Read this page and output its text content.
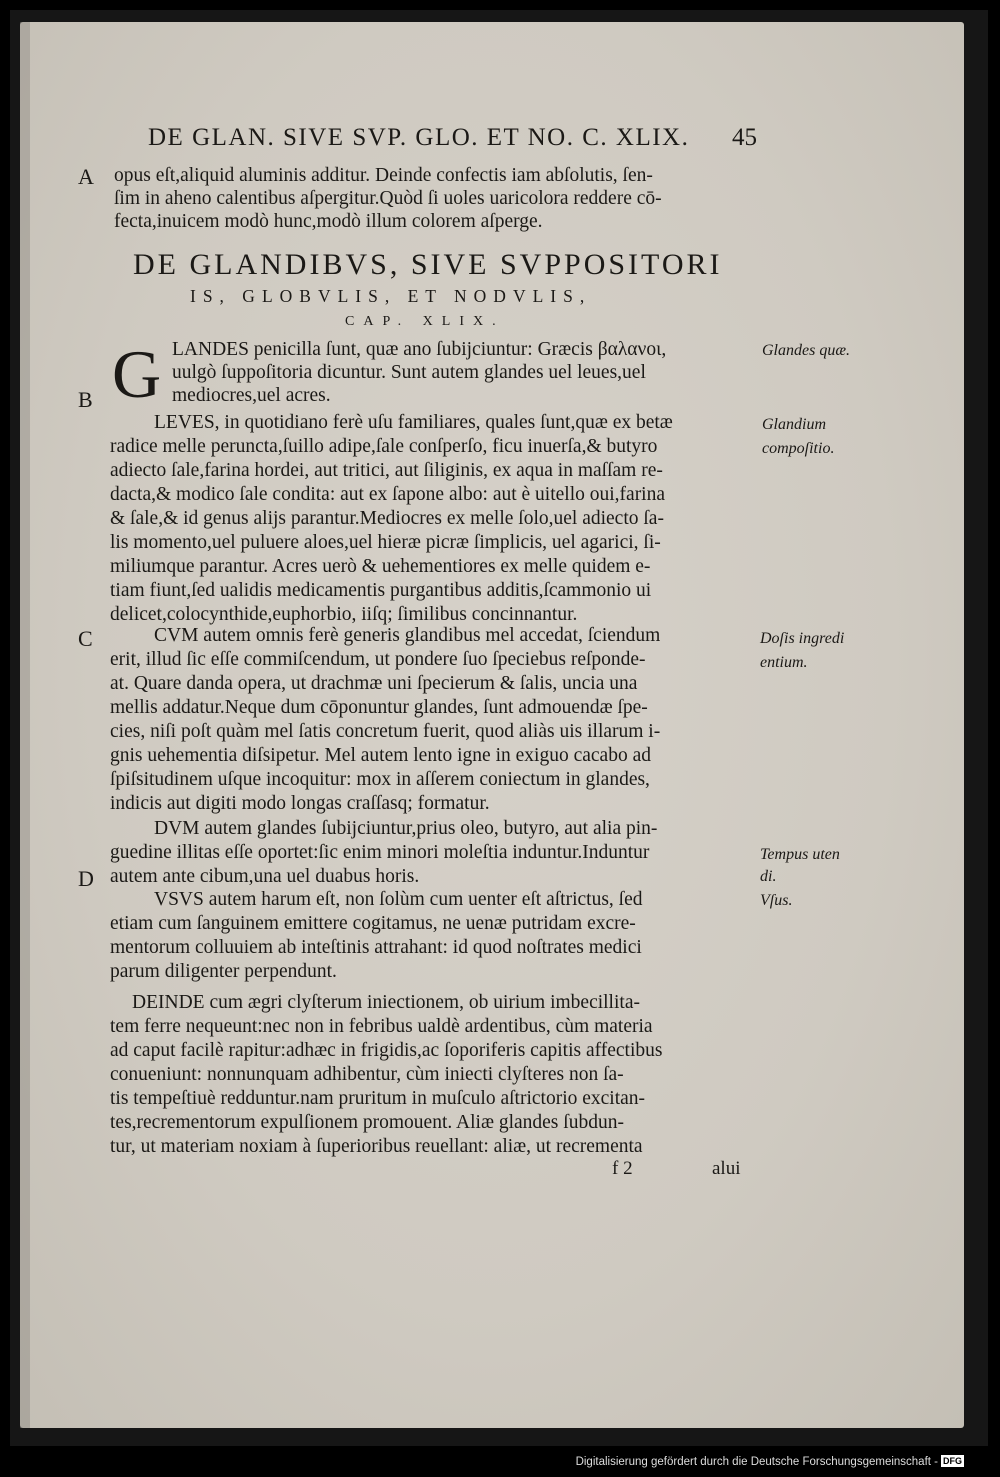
DE GLAN. SIVE SVP. GLO. ET NO. C. XLIX.	45
A
B
C
D
opus eſt,aliquid aluminis additur. Deinde confectis iam abſolutis, ſen-
ſim in aheno calentibus aſpergitur.Quòd ſi uoles uaricolora reddere cō-
fecta,inuicem modò hunc,modò illum colorem aſperge.
DE GLANDIBVS, SIVE SVPPOSITORI
IS, GLOBVLIS, ET NODVLIS,
CAP. XLIX.
G LANDES penicilla ſunt, quæ ano ſubijciuntur: Græcis βαλανοι,
uulgò ſuppoſitoria dicuntur. Sunt autem glandes uel leues,uel
mediocres,uel acres.
LEVES, in quotidiano ferè uſu familiares, quales ſunt,quæ ex betæ
radice melle perunctа,ſuillo adipe,ſale conſperſo, ficu inuerſa,& butyro
adiecto ſale,farina hordei, aut tritici, aut ſiliginis, ex aqua in maſſam re-
dacta,& modico ſale condita: aut ex ſapone albo: aut è uitello oui,farina
& ſale,& id genus alijs parantur.Mediocres ex melle ſolo,uel adiecto ſa-
lis momento,uel puluere aloes,uel hieræ picræ ſimplicis, uel agarici, ſi-
miliumque parantur. Acres uerò & uehementiores ex melle quidem e-
tiam fiunt,ſed ualidis medicamentis purgantibus additis,ſcammonio ui
delicet,colocynthide,euphorbio, iiſq; ſimilibus concinnantur.
CVM autem omnis ferè generis glandibus mel accedat, ſciendum
erit, illud ſic eſſe commiſcendum, ut pondere ſuo ſpeciebus reſponde-
at. Quare danda opera, ut drachmæ uni ſpecierum & ſalis, uncia una
mellis addatur.Neque dum cōponuntur glandes, ſunt admouendæ ſpe-
cies, niſi poſt quàm mel ſatis concretum fuerit, quod aliàs uis illarum i-
gnis uehementia diſsipetur. Mel autem lento igne in exiguo cacabo ad
ſpiſsitudinem uſque incoquitur: mox in aſſerem coniectum in glandes,
indicis aut digiti modo longas craſſasq; formatur.
DVM autem glandes ſubijciuntur,prius oleo, butyro, aut alia pin-
guedine illitas eſſe oportet:ſic enim minori moleſtia induntur.Induntur
autem ante cibum,una uel duabus horis.
VSVS autem harum eſt, non ſolùm cum uenter eſt aſtrictus, ſed
etiam cum ſanguinem emittere cogitamus, ne uenæ putridam excre-
mentorum colluuiem ab inteſtinis attrahant: id quod noſtrates medici
parum diligenter perpendunt.
DEINDE cum ægri clyſterum iniectionem, ob uirium imbecillita-
tem ferre nequeunt:nec non in febribus ualdè ardentibus, cùm materia
ad caput facilè rapitur:adhæc in frigidis,ac ſoporiferis capitis affectibus
conueniunt: nonnunquam adhibentur, cùm iniecti clyſteres non ſa-
tis tempeſtiuè redduntur.nam pruritum in muſculo aſtrictorio excitan-
tes,recrementorum expulſionem promouent. Aliæ glandes ſubdun-
tur, ut materiam noxiam à ſuperioribus reuellant: aliæ, ut recrementa
f 2	alui
Glandes quæ.
Glandium
compoſitio.
Doſis ingredi
entium.
Tempus uten
di.
Vſus.
Digitalisierung gefördert durch die Deutsche Forschungsgemeinschaft - DFG
